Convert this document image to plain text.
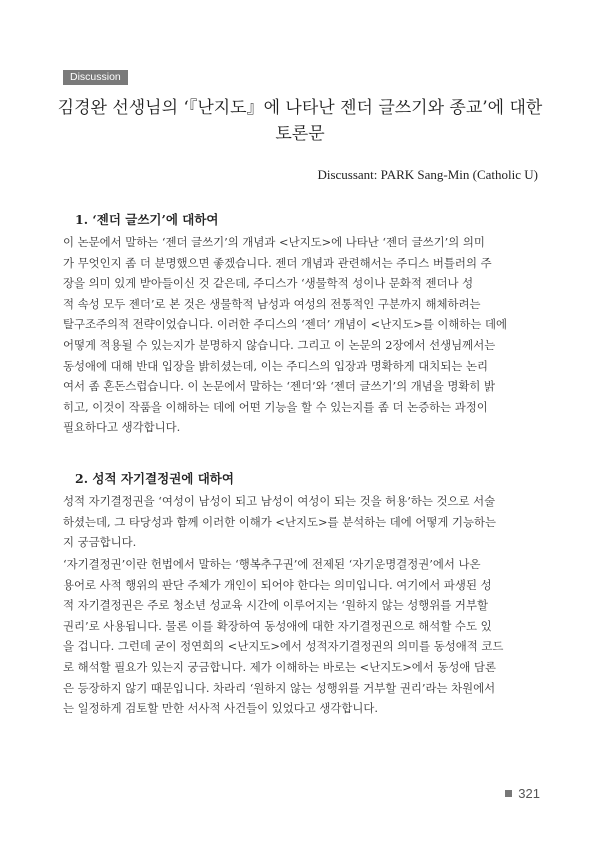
Discussion
김경완 선생님의 ‘『난지도』에 나타난 젠더 글쓰기와 종교’에 대한
토론문
Discussant: PARK Sang-Min (Catholic U)
1. ‘젠더 글쓰기’에 대하여
이 논문에서 말하는 ‘젠더 글쓰기’의 개념과 <난지도>에 나타난 ‘젠더 글쓰기’의 의미
가 무엇인지 좀 더 분명했으면 좋겠습니다. 젠더 개념과 관련해서는 주디스 버틀러의 주
장을 의미 있게 받아들이신 것 같은데, 주디스가 ‘생물학적 성이나 문화적 젠더나 성
적 속성 모두 젠더’로 본 것은 생물학적 남성과 여성의 전통적인 구분까지 해체하려는
탈구조주의적 전략이었습니다. 이러한 주디스의 ‘젠더’ 개념이 <난지도>를 이해하는 데에
어떻게 적용될 수 있는지가 분명하지 않습니다. 그리고 이 논문의 2장에서 선생님께서는
동성애에 대해 반대 입장을 밝히셨는데, 이는 주디스의 입장과 명확하게 대치되는 논리
여서 좀 혼돈스럽습니다. 이 논문에서 말하는 ‘젠더’와 ‘젠더 글쓰기’의 개념을 명확히 밝
히고, 이것이 작품을 이해하는 데에 어떤 기능을 할 수 있는지를 좀 더 논증하는 과정이
필요하다고 생각합니다.
2. 성적 자기결정권에 대하여
성적 자기결정권을 ‘여성이 남성이 되고 남성이 여성이 되는 것을 허용’하는 것으로 서술
하셨는데, 그 타당성과 함께 이러한 이해가 <난지도>를 분석하는 데에 어떻게 기능하는
지 궁금합니다.
‘자기결정권’이란 헌법에서 말하는 ‘행복추구권’에 전제된 ‘자기운명결정권’에서 나온
용어로 사적 행위의 판단 주체가 개인이 되어야 한다는 의미입니다. 여기에서 파생된 성
적 자기결정권은 주로 청소년 성교육 시간에 이루어지는 ‘원하지 않는 성행위를 거부할
권리’로 사용됩니다. 물론 이를 확장하여 동성애에 대한 자기결정권으로 해석할 수도 있
을 겁니다. 그런데 굳이 정연희의 <난지도>에서 성적자기결정권의 의미를 동성애적 코드
로 해석할 필요가 있는지 궁금합니다. 제가 이해하는 바로는 <난지도>에서 동성애 담론
은 등장하지 않기 때문입니다. 차라리 ‘원하지 않는 성행위를 거부할 권리’라는 차원에서
는 일정하게 검토할 만한 서사적 사건들이 있었다고 생각합니다.
321
